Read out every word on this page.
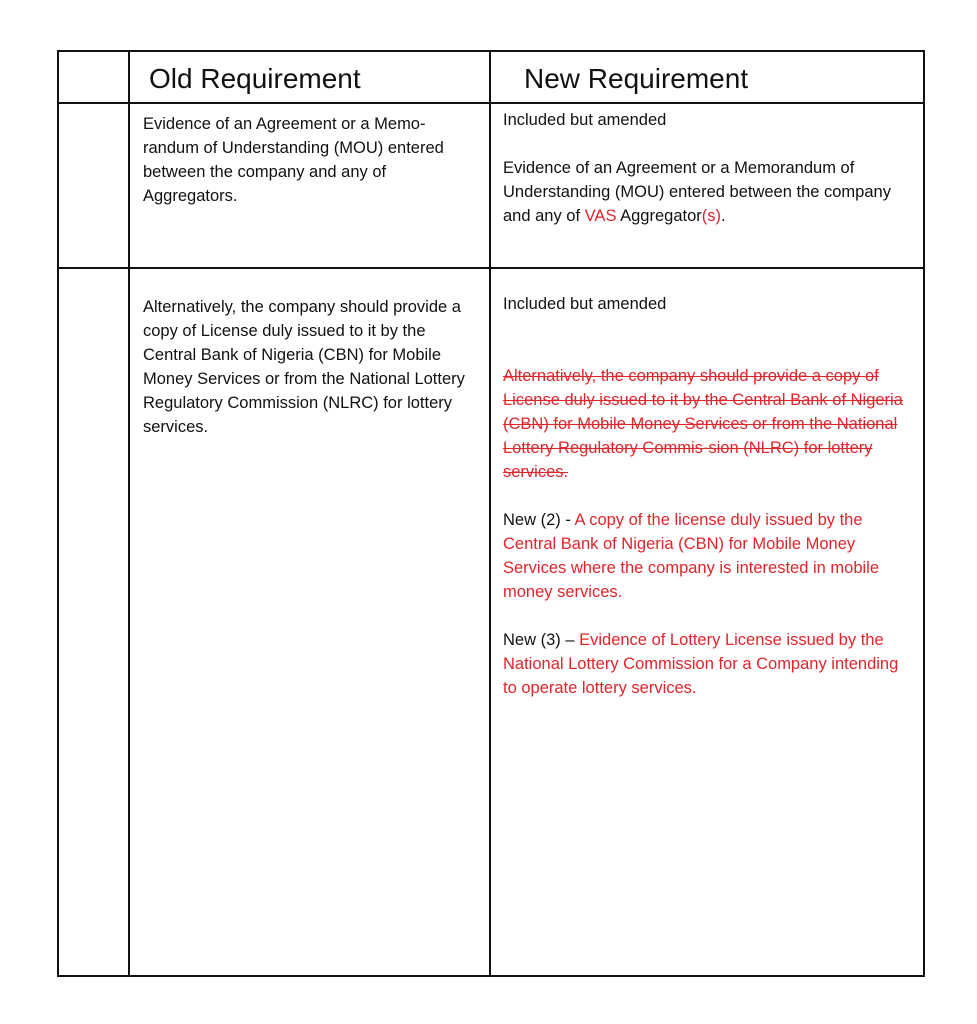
Old Requirement	New Requirement
Evidence of an Agreement or a Memo-randum of Understanding (MOU) entered between the company and any of Aggregators.

Included but amended

Evidence of an Agreement or a Memorandum of Understanding (MOU) entered between the company and any of VAS Aggregator(s).

Alternatively, the company should provide a copy of License duly issued to it by the Central Bank of Nigeria (CBN) for Mobile Money Services or from the National Lottery Regulatory Commission (NLRC) for lottery services.

Included but amended

Alternatively, the company should provide a copy of License duly issued to it by the Central Bank of Nigeria (CBN) for Mobile Money Services or from the National Lottery Regulatory Commis-sion (NLRC) for lottery services.

New (2) - A copy of the license duly issued by the Central Bank of Nigeria (CBN) for Mobile Money Services where the company is interested in mobile money services.

New (3) – Evidence of Lottery License issued by the National Lottery Commission for a Company intending to operate lottery services.
